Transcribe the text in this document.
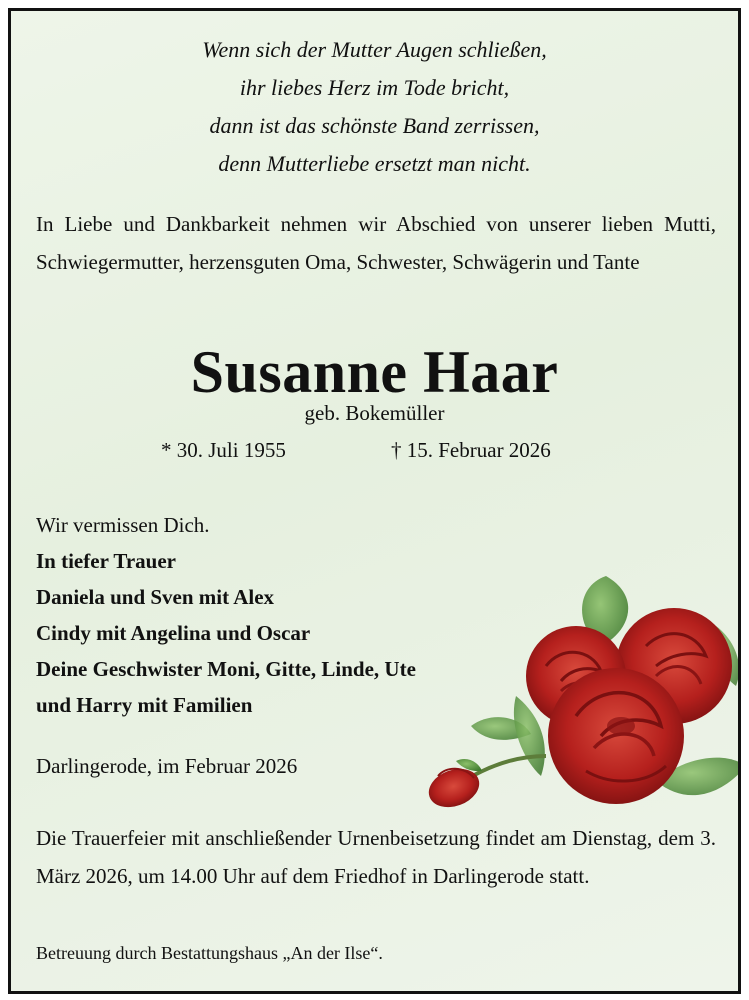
Wenn sich der Mutter Augen schließen,
ihr liebes Herz im Tode bricht,
dann ist das schönste Band zerrissen,
denn Mutterliebe ersetzt man nicht.
In Liebe und Dankbarkeit nehmen wir Abschied von unserer lieben Mutti, Schwiegermutter, herzensguten Oma, Schwester, Schwägerin und Tante
Susanne Haar
geb. Bokemüller
* 30. Juli 1955	† 15. Februar 2026
Wir vermissen Dich.
In tiefer Trauer
Daniela und Sven mit Alex
Cindy mit Angelina und Oscar
Deine Geschwister Moni, Gitte, Linde, Ute
und Harry mit Familien
Darlingerode, im Februar 2026
Die Trauerfeier mit anschließender Urnenbeisetzung findet am Dienstag, dem 3. März 2026, um 14.00 Uhr auf dem Friedhof in Darlingerode statt.
Betreuung durch Bestattungshaus „An der Ilse“.
